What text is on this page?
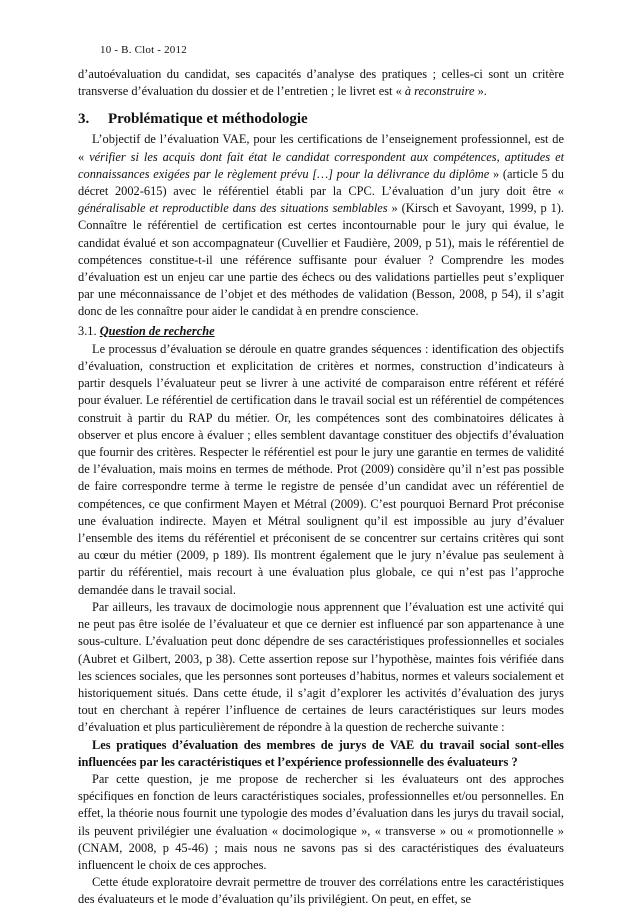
10 - B. Clot - 2012

d’autoévaluation du candidat, ses capacités d’analyse des pratiques ; celles-ci sont un critère transverse d’évaluation du dossier et de l’entretien ; le livret est « à reconstruire ».

3. Problématique et méthodologie

L’objectif de l’évaluation VAE, pour les certifications de l’enseignement professionnel, est de « vérifier si les acquis dont fait état le candidat correspondent aux compétences, aptitudes et connaissances exigées par le règlement prévu […] pour la délivrance du diplôme » (article 5 du décret 2002-615) avec le référentiel établi par la CPC. L’évaluation d’un jury doit être « généralisable et reproductible dans des situations semblables » (Kirsch et Savoyant, 1999, p 1). Connaître le référentiel de certification est certes incontournable pour le jury qui évalue, le candidat évalué et son accompagnateur (Cuvellier et Faudière, 2009, p 51), mais le référentiel de compétences constitue-t-il une référence suffisante pour évaluer ? Comprendre les modes d’évaluation est un enjeu car une partie des échecs ou des validations partielles peut s’expliquer par une méconnaissance de l’objet et des méthodes de validation (Besson, 2008, p 54), il s’agit donc de les connaître pour aider le candidat à en prendre conscience.

3.1. Question de recherche

Le processus d’évaluation se déroule en quatre grandes séquences : identification des objectifs d’évaluation, construction et explicitation de critères et normes, construction d’indicateurs à partir desquels l’évaluateur peut se livrer à une activité de comparaison entre référent et référé pour évaluer. Le référentiel de certification dans le travail social est un référentiel de compétences construit à partir du RAP du métier. Or, les compétences sont des combinatoires délicates à observer et plus encore à évaluer ; elles semblent davantage constituer des objectifs d’évaluation que fournir des critères. Respecter le référentiel est pour le jury une garantie en termes de validité de l’évaluation, mais moins en termes de méthode. Prot (2009) considère qu’il n’est pas possible de faire correspondre terme à terme le registre de pensée d’un candidat avec un référentiel de compétences, ce que confirment Mayen et Métral (2009). C’est pourquoi Bernard Prot préconise une évaluation indirecte. Mayen et Métral soulignent qu’il est impossible au jury d’évaluer l’ensemble des items du référentiel et préconisent de se concentrer sur certains critères qui sont au cœur du métier (2009, p 189). Ils montrent également que le jury n’évalue pas seulement à partir du référentiel, mais recourt à une évaluation plus globale, ce qui n’est pas l’approche demandée dans le travail social.

Par ailleurs, les travaux de docimologie nous apprennent que l’évaluation est une activité qui ne peut pas être isolée de l’évaluateur et que ce dernier est influencé par son appartenance à une sous-culture. L’évaluation peut donc dépendre de ses caractéristiques professionnelles et sociales (Aubret et Gilbert, 2003, p 38). Cette assertion repose sur l’hypothèse, maintes fois vérifiée dans les sciences sociales, que les personnes sont porteuses d’habitus, normes et valeurs socialement et historiquement situés. Dans cette étude, il s’agit d’explorer les activités d’évaluation des jurys tout en cherchant à repérer l’influence de certaines de leurs caractéristiques sur leurs modes d’évaluation et plus particulièrement de répondre à la question de recherche suivante :

Les pratiques d’évaluation des membres de jurys de VAE du travail social sont-elles influencées par les caractéristiques et l’expérience professionnelle des évaluateurs ?

Par cette question, je me propose de rechercher si les évaluateurs ont des approches spécifiques en fonction de leurs caractéristiques sociales, professionnelles et/ou personnelles. En effet, la théorie nous fournit une typologie des modes d’évaluation dans les jurys du travail social, ils peuvent privilégier une évaluation « docimologique », « transverse » ou « promotionnelle » (CNAM, 2008, p 45-46) ; mais nous ne savons pas si des caractéristiques des évaluateurs influencent le choix de ces approches.

Cette étude exploratoire devrait permettre de trouver des corrélations entre les caractéristiques des évaluateurs et le mode d’évaluation qu’ils privilégient. On peut, en effet, se
